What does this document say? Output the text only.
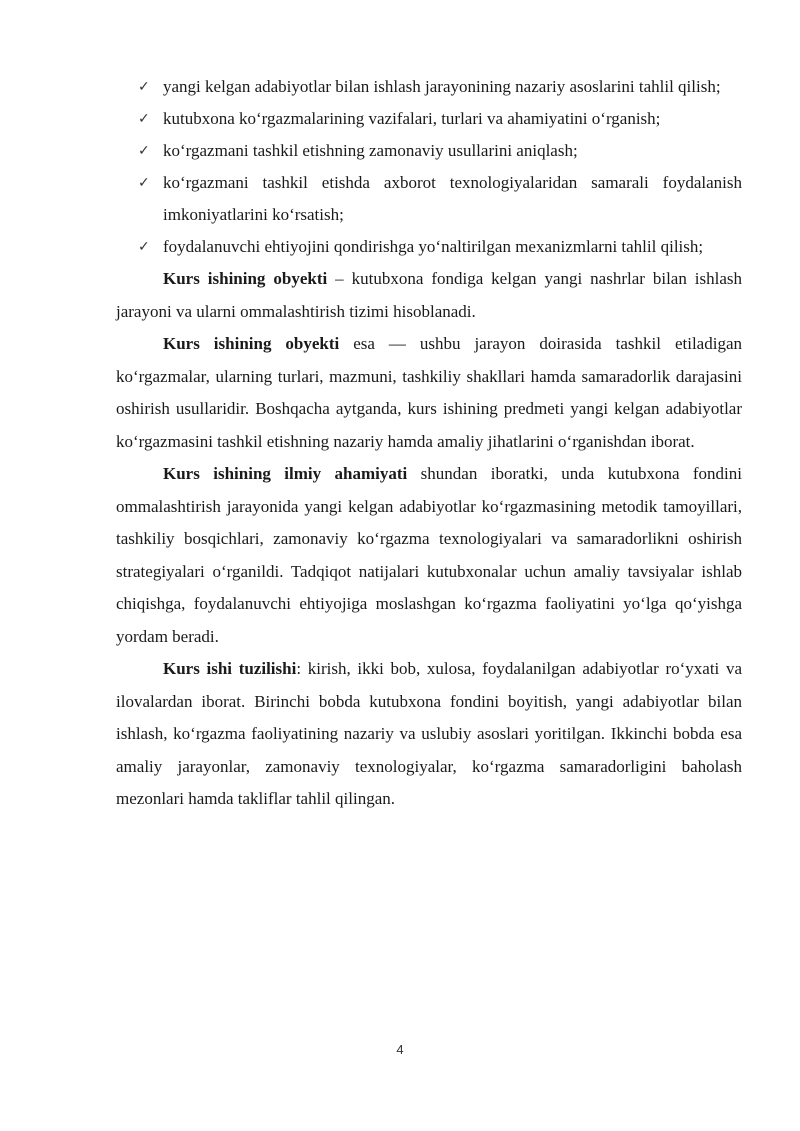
✓ yangi kelgan adabiyotlar bilan ishlash jarayonining nazariy asoslarini tahlil qilish;
✓ kutubxona koʻrgazmalarining vazifalari, turlari va ahamiyatini oʻrganish;
✓ koʻrgazmani tashkil etishning zamonaviy usullarini aniqlash;
✓ koʻrgazmani tashkil etishda axborot texnologiyalaridan samarali foydalanish imkoniyatlarini koʻrsatish;
✓ foydalanuvchi ehtiyojini qondirishga yoʻnaltirilgan mexanizmlarni tahlil qilish;

Kurs ishining obyekti – kutubxona fondiga kelgan yangi nashrlar bilan ishlash jarayoni va ularni ommalashtirish tizimi hisoblanadi.

Kurs ishining obyekti esa — ushbu jarayon doirasida tashkil etiladigan koʻrgazmalar, ularning turlari, mazmuni, tashkiliy shakllari hamda samaradorlik darajasini oshirish usullaridir. Boshqacha aytganda, kurs ishining predmeti yangi kelgan adabiyotlar koʻrgazmasini tashkil etishning nazariy hamda amaliy jihatlarini oʻrganishdan iborat.

Kurs ishining ilmiy ahamiyati shundan iboratki, unda kutubxona fondini ommalashtirish jarayonida yangi kelgan adabiyotlar koʻrgazmasining metodik tamoyillari, tashkiliy bosqichlari, zamonaviy koʻrgazma texnologiyalari va samaradorlikni oshirish strategiyalari oʻrganildi. Tadqiqot natijalari kutubxonalar uchun amaliy tavsiyalar ishlab chiqishga, foydalanuvchi ehtiyojiga moslashgan koʻrgazma faoliyatini yoʻlga qoʻyishga yordam beradi.

Kurs ishi tuzilishi: kirish, ikki bob, xulosa, foydalanilgan adabiyotlar roʻyxati va ilovalardan iborat. Birinchi bobda kutubxona fondini boyitish, yangi adabiyotlar bilan ishlash, koʻrgazma faoliyatining nazariy va uslubiy asoslari yoritilgan. Ikkinchi bobda esa amaliy jarayonlar, zamonaviy texnologiyalar, koʻrgazma samaradorligini baholash mezonlari hamda takliflar tahlil qilingan.

4
